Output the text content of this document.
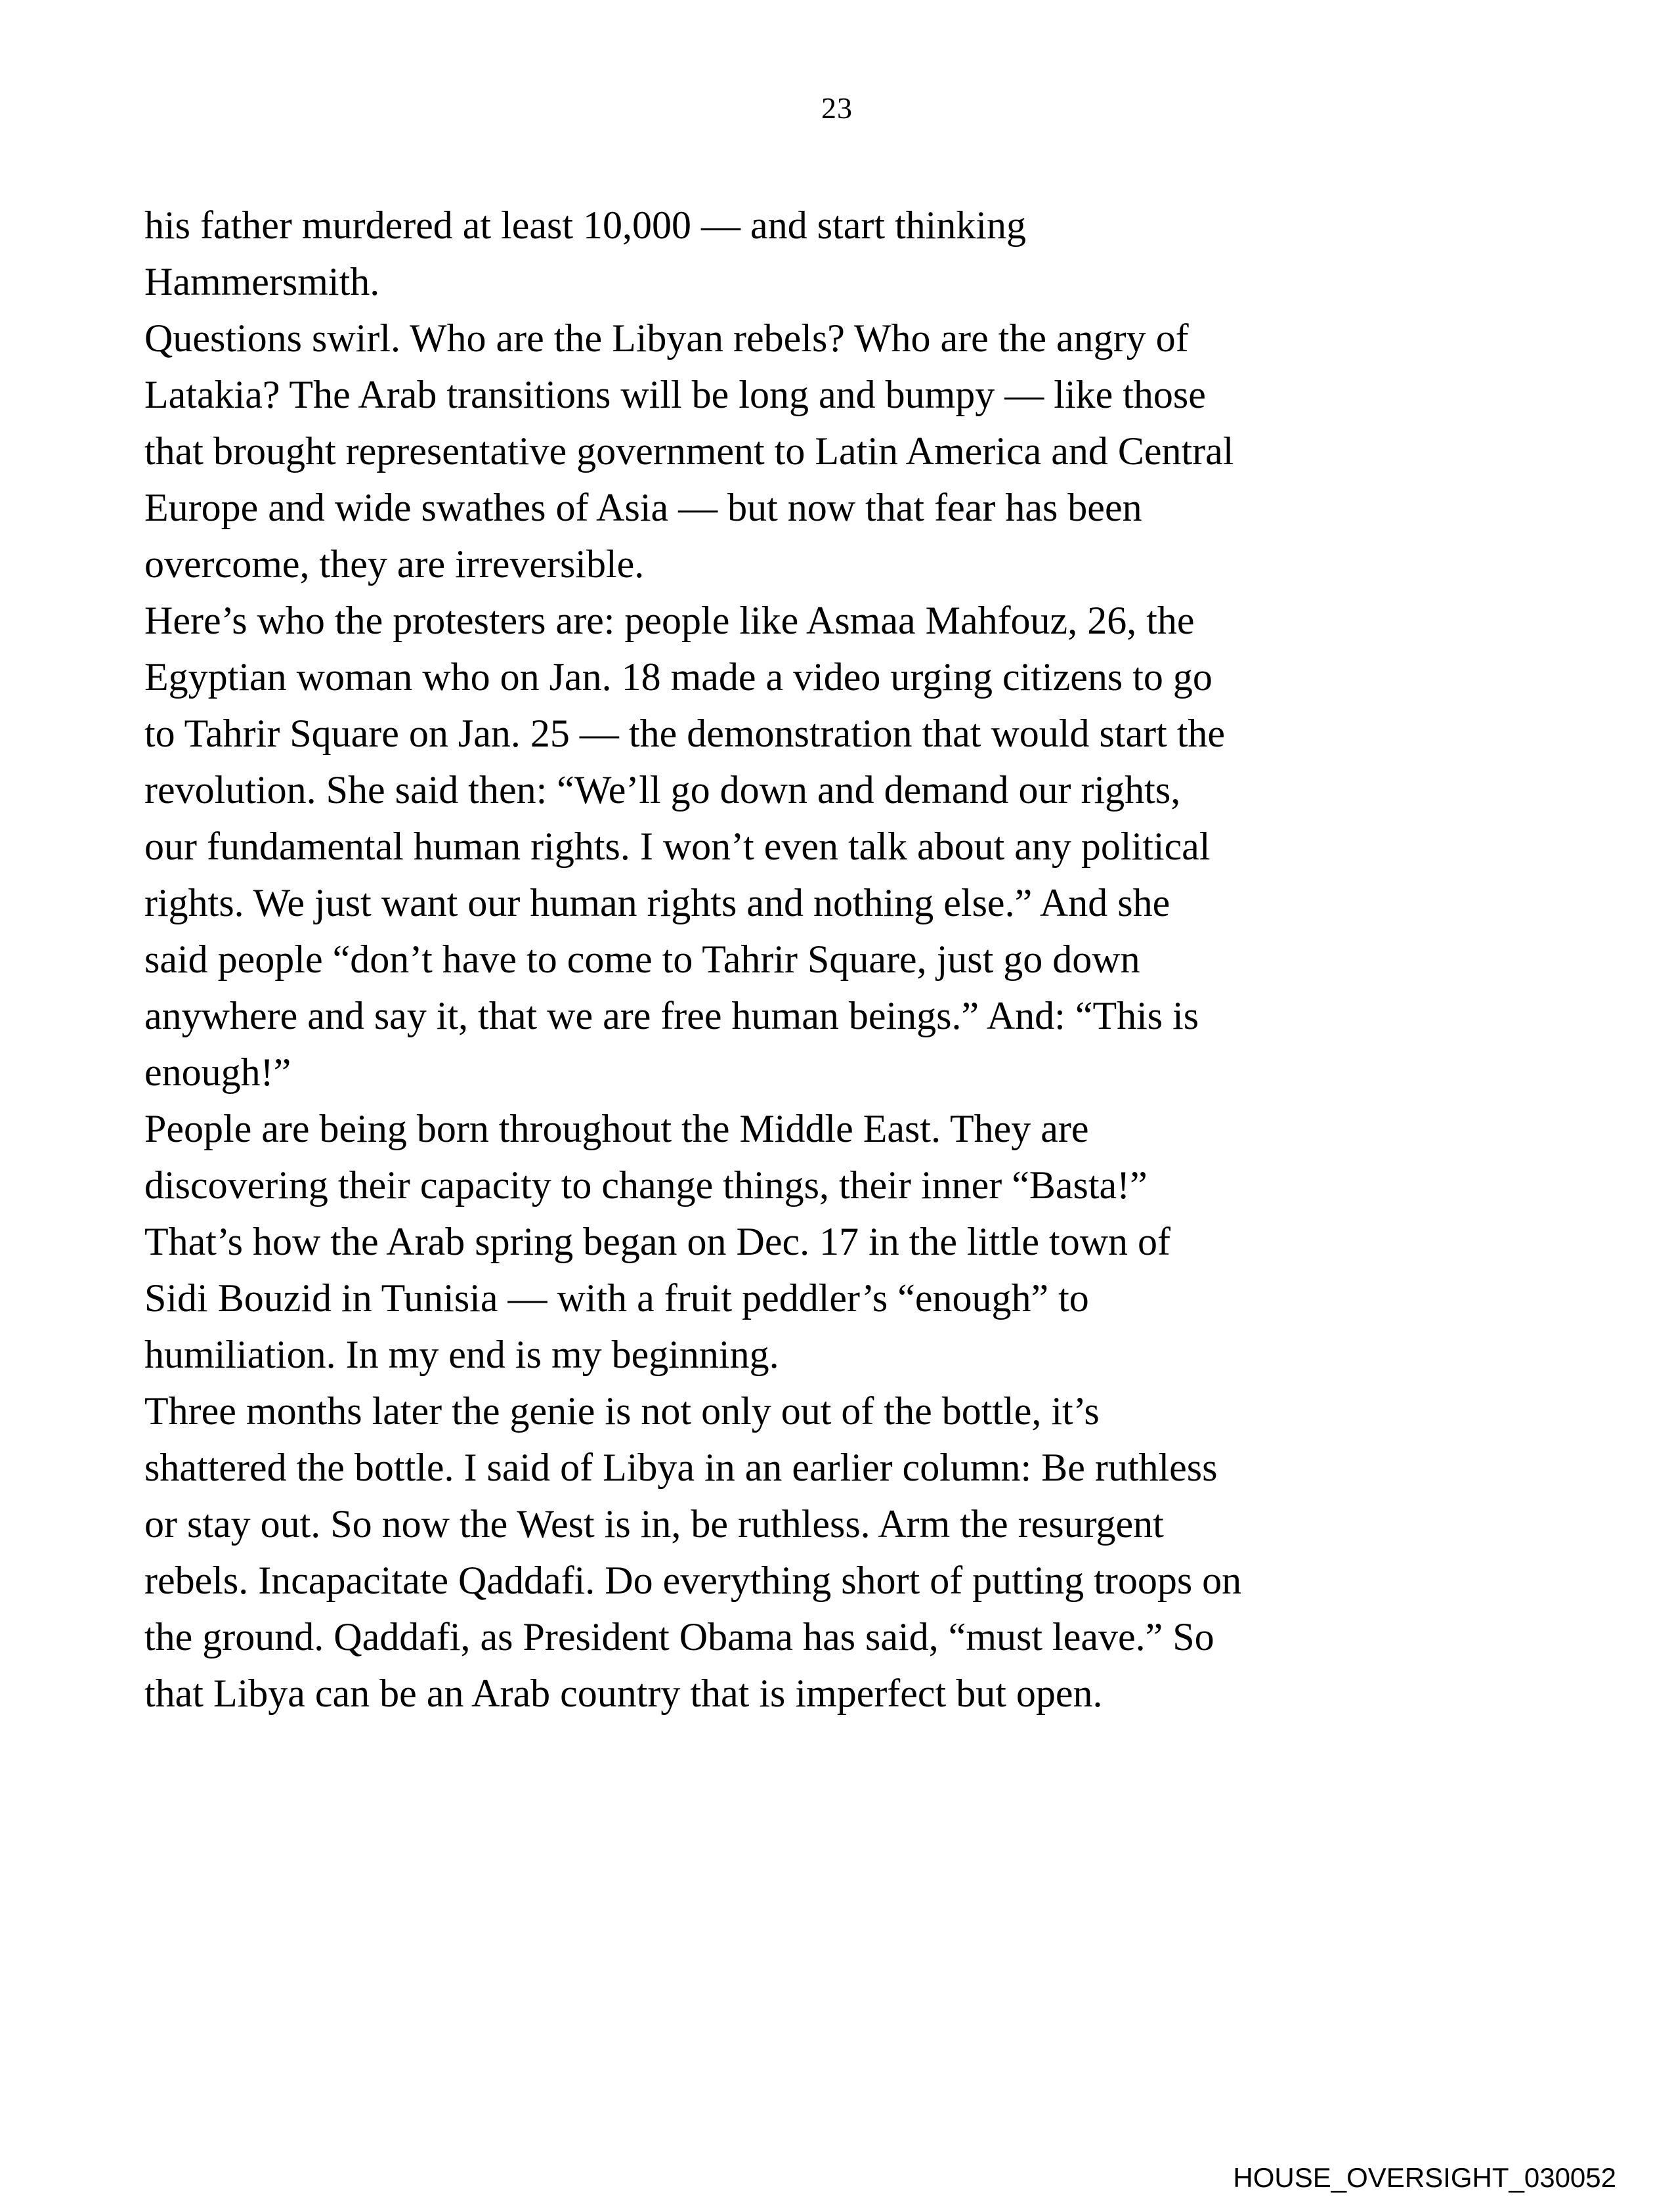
23
his father murdered at least 10,000 — and start thinking
Hammersmith.
Questions swirl. Who are the Libyan rebels? Who are the angry of
Latakia? The Arab transitions will be long and bumpy — like those
that brought representative government to Latin America and Central
Europe and wide swathes of Asia — but now that fear has been
overcome, they are irreversible.
Here’s who the protesters are: people like Asmaa Mahfouz, 26, the
Egyptian woman who on Jan. 18 made a video urging citizens to go
to Tahrir Square on Jan. 25 — the demonstration that would start the
revolution. She said then: “We’ll go down and demand our rights,
our fundamental human rights. I won’t even talk about any political
rights. We just want our human rights and nothing else.” And she
said people “don’t have to come to Tahrir Square, just go down
anywhere and say it, that we are free human beings.” And: “This is
enough!”
People are being born throughout the Middle East. They are
discovering their capacity to change things, their inner “Basta!”
That’s how the Arab spring began on Dec. 17 in the little town of
Sidi Bouzid in Tunisia — with a fruit peddler’s “enough” to
humiliation. In my end is my beginning.
Three months later the genie is not only out of the bottle, it’s
shattered the bottle. I said of Libya in an earlier column: Be ruthless
or stay out. So now the West is in, be ruthless. Arm the resurgent
rebels. Incapacitate Qaddafi. Do everything short of putting troops on
the ground. Qaddafi, as President Obama has said, “must leave.” So
that Libya can be an Arab country that is imperfect but open.
HOUSE_OVERSIGHT_030052
